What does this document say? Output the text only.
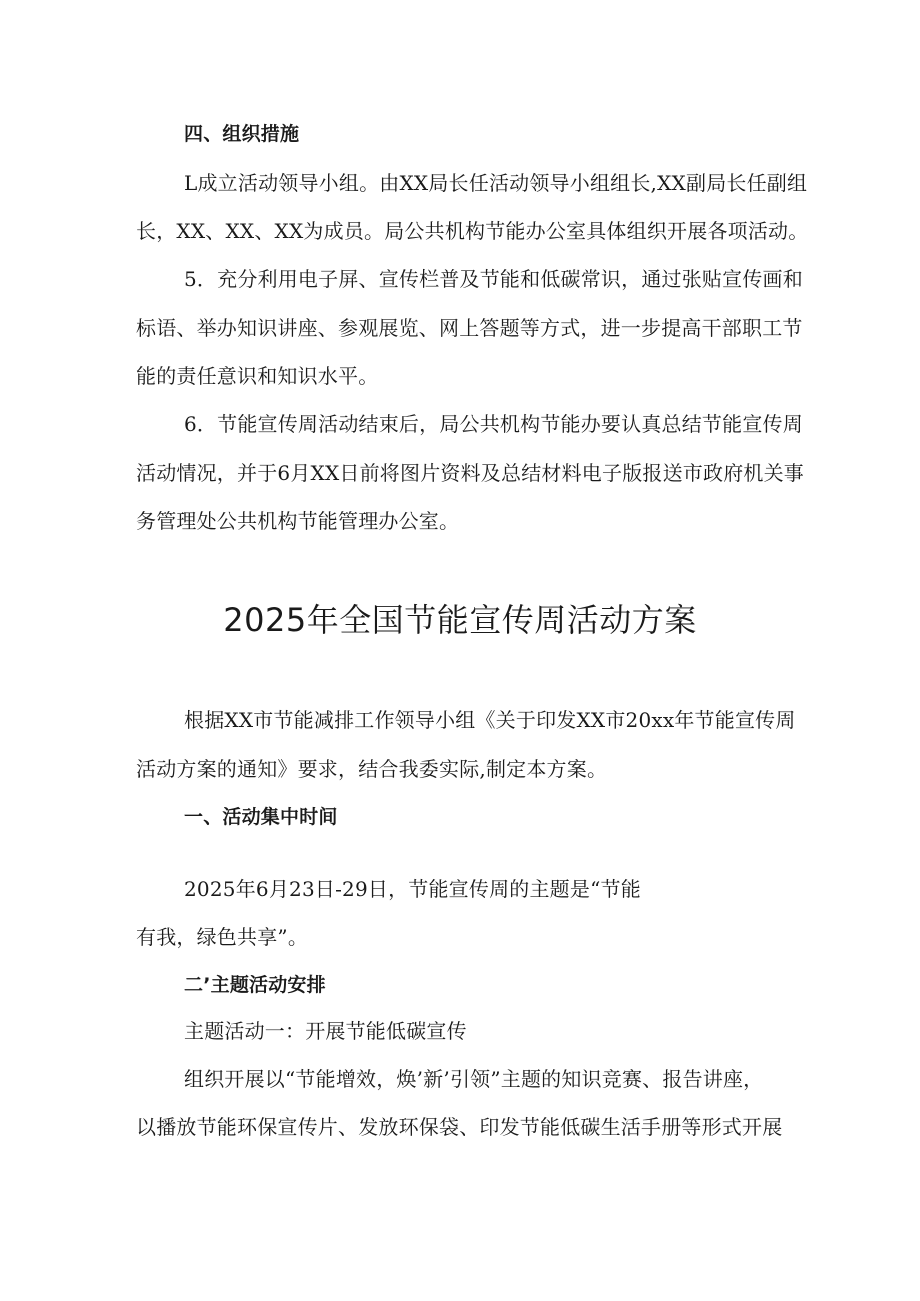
四、组织措施

L成立活动领导小组。由XX局长任活动领导小组组长,XX副局长任副组

长，XX、XX、XX为成员。局公共机构节能办公室具体组织开展各项活动。

5．充分利用电子屏、宣传栏普及节能和低碳常识，通过张贴宣传画和

标语、举办知识讲座、参观展览、网上答题等方式，进一步提高干部职工节

能的责任意识和知识水平。

6．节能宣传周活动结束后，局公共机构节能办要认真总结节能宣传周

活动情况，并于6月XX日前将图片资料及总结材料电子版报送市政府机关事

务管理处公共机构节能管理办公室。

2025年全国节能宣传周活动方案

根据XX市节能减排工作领导小组《关于印发XX市20xx年节能宣传周

活动方案的通知》要求，结合我委实际,制定本方案。

一、活动集中时间

2025年6月23日-29日，节能宣传周的主题是“节能

有我，绿色共享”。

二’主题活动安排

主题活动一：开展节能低碳宣传

组织开展以“节能增效，焕’新’引领”主题的知识竞赛、报告讲座，

以播放节能环保宣传片、发放环保袋、印发节能低碳生活手册等形式开展
